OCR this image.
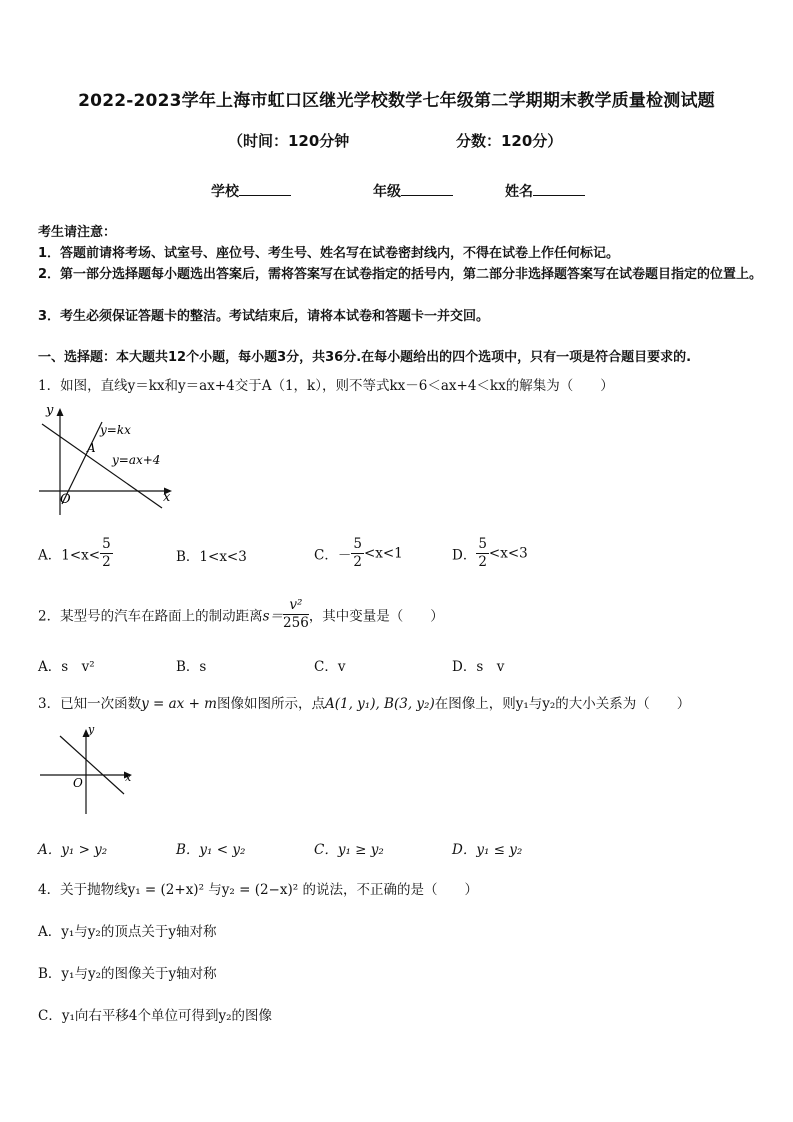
2022-2023学年上海市虹口区继光学校数学七年级第二学期期末教学质量检测试题
（时间：120分钟	分数：120分）
学校	年级	姓名
考生请注意：
1．答题前请将考场、试室号、座位号、考生号、姓名写在试卷密封线内，不得在试卷上作任何标记。
2．第一部分选择题每小题选出答案后，需将答案写在试卷指定的括号内，第二部分非选择题答案写在试卷题目指定的位置上。
3．考生必须保证答题卡的整洁。考试结束后，请将本试卷和答题卡一并交回。
一、选择题：本大题共12个小题，每小题3分，共36分.在每小题给出的四个选项中，只有一项是符合题目要求的.
1．如图，直线y＝kx和y＝ax+4交于A（1，k），则不等式kx－6＜ax+4＜kx的解集为（　　）
y
x
O
A
y=kx
y=ax+4
A．$1<x< \frac{5}{2}$	B．1<x<3	C．－ $\frac{5}{2} <x<1$	D． $\frac{5}{2} <x<3$
2．某型号的汽车在路面上的制动距离$s= \frac{\text{v²}}{256}$ ，其中变量是（　　）
A．s　v²	B．s	C．v	D．s　v
3．已知一次函数y = ax + m图像如图所示，点A(1, y₁), B(3, y₂)在图像上，则y₁与y₂的大小关系为（　　）
y
x
O
A．y₁ > y₂	B．y₁ < y₂	C．y₁ ≥ y₂	D．y₁ ≤ y₂
4．关于抛物线y₁ = (2+x)² 与y₂ = (2−x)² 的说法，不正确的是（　　）
A．y₁与y₂的顶点关于y轴对称
B．y₁与y₂的图像关于y轴对称
C．y₁向右平移4个单位可得到y₂的图像
